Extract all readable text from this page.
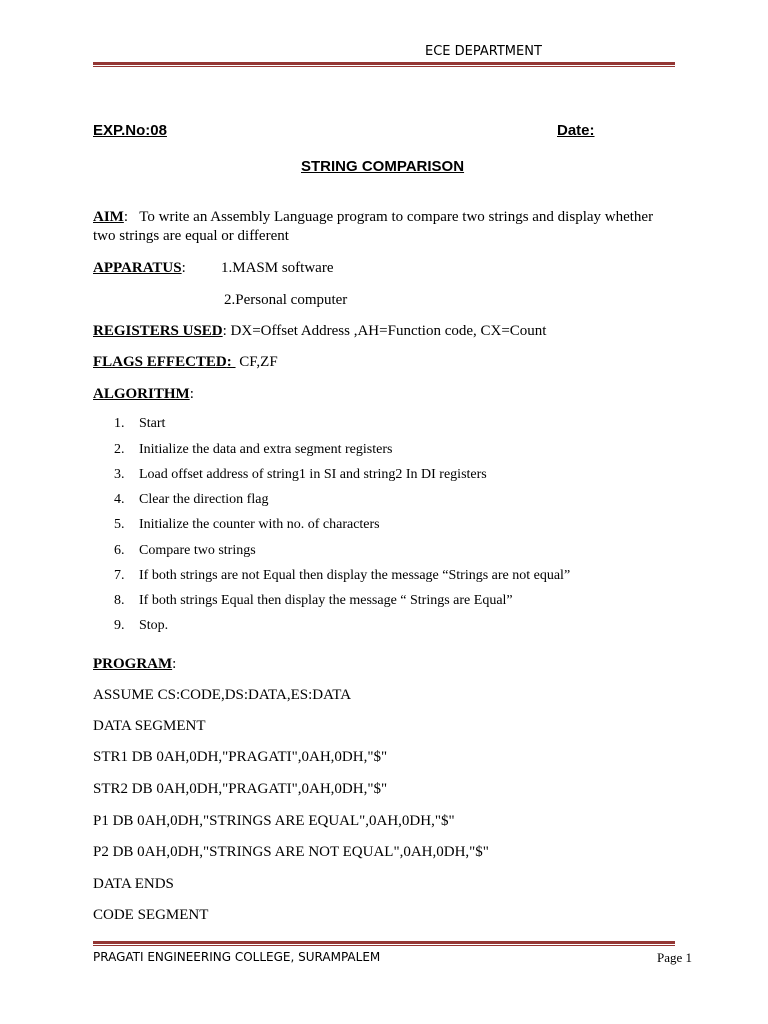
ECE DEPARTMENT
EXP.No:08	Date:
STRING COMPARISON
AIM:   To write an Assembly Language program to compare two strings and display whether
two strings are equal or different
APPARATUS: 1.MASM software
2.Personal computer
REGISTERS USED: DX=Offset Address ,AH=Function code, CX=Count
FLAGS EFFECTED:  CF,ZF
ALGORITHM:
1. Start
2. Initialize the data and extra segment registers
3. Load offset address of string1 in SI and string2 In DI registers
4. Clear the direction flag
5. Initialize the counter with no. of characters
6. Compare two strings
7. If both strings are not Equal then display the message “Strings are not equal”
8. If both strings Equal then display the message “ Strings are Equal”
9. Stop.
PROGRAM:
ASSUME CS:CODE,DS:DATA,ES:DATA
DATA SEGMENT
STR1 DB 0AH,0DH,"PRAGATI",0AH,0DH,"$"
STR2 DB 0AH,0DH,"PRAGATI",0AH,0DH,"$"
P1 DB 0AH,0DH,"STRINGS ARE EQUAL",0AH,0DH,"$"
P2 DB 0AH,0DH,"STRINGS ARE NOT EQUAL",0AH,0DH,"$"
DATA ENDS
CODE SEGMENT
PRAGATI ENGINEERING COLLEGE, SURAMPALEM	Page 1
